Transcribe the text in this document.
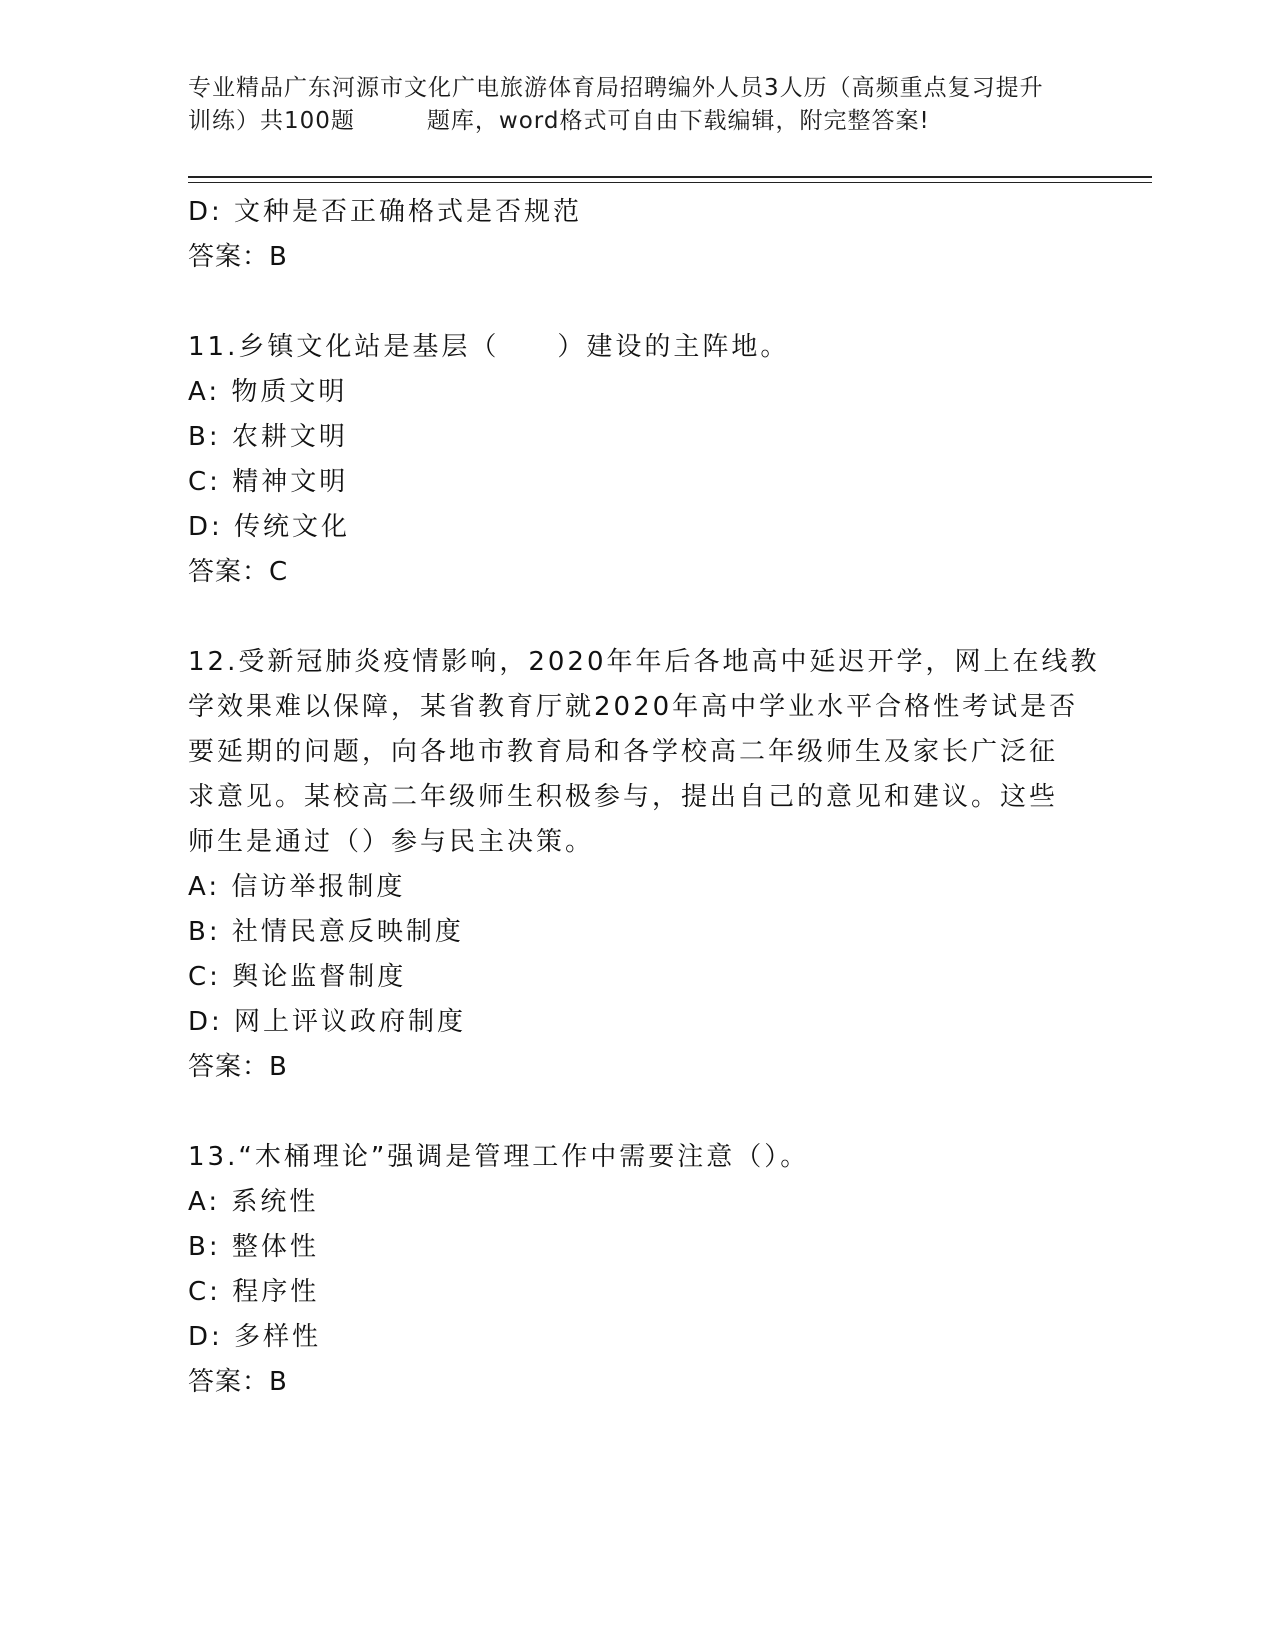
专业精品广东河源市文化广电旅游体育局招聘编外人员3人历（高频重点复习提升
训练）共100题	题库，word格式可自由下载编辑，附完整答案!
D: 文种是否正确格式是否规范
答案：B
11.乡镇文化站是基层（　　）建设的主阵地。
A: 物质文明
B: 农耕文明
C: 精神文明
D: 传统文化
答案：C
12.受新冠肺炎疫情影响，2020年年后各地高中延迟开学，网上在线教
学效果难以保障，某省教育厅就2020年高中学业水平合格性考试是否
要延期的问题，向各地市教育局和各学校高二年级师生及家长广泛征
求意见。某校高二年级师生积极参与，提出自己的意见和建议。这些
师生是通过（）参与民主决策。
A: 信访举报制度
B: 社情民意反映制度
C: 舆论监督制度
D: 网上评议政府制度
答案：B
13.“木桶理论”强调是管理工作中需要注意（）。
A: 系统性
B: 整体性
C: 程序性
D: 多样性
答案：B
